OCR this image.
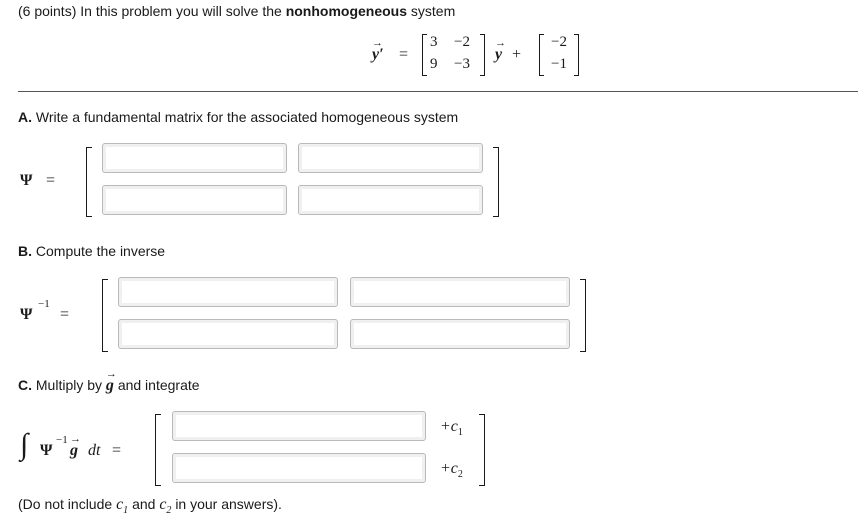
(6 points) In this problem you will solve the nonhomogeneous system
→ y′ =
3 −2
9 −3
→ y +
−2
−1
A. Write a fundamental matrix for the associated homogeneous system
Ψ =
B. Compute the inverse
Ψ
−1
=
C. Multiply by → g and integrate
∫ Ψ
−1
→ g dt =
$+c_1$
$+c_2$
(Do not include $c_1$ and $c_2$ in your answers).
